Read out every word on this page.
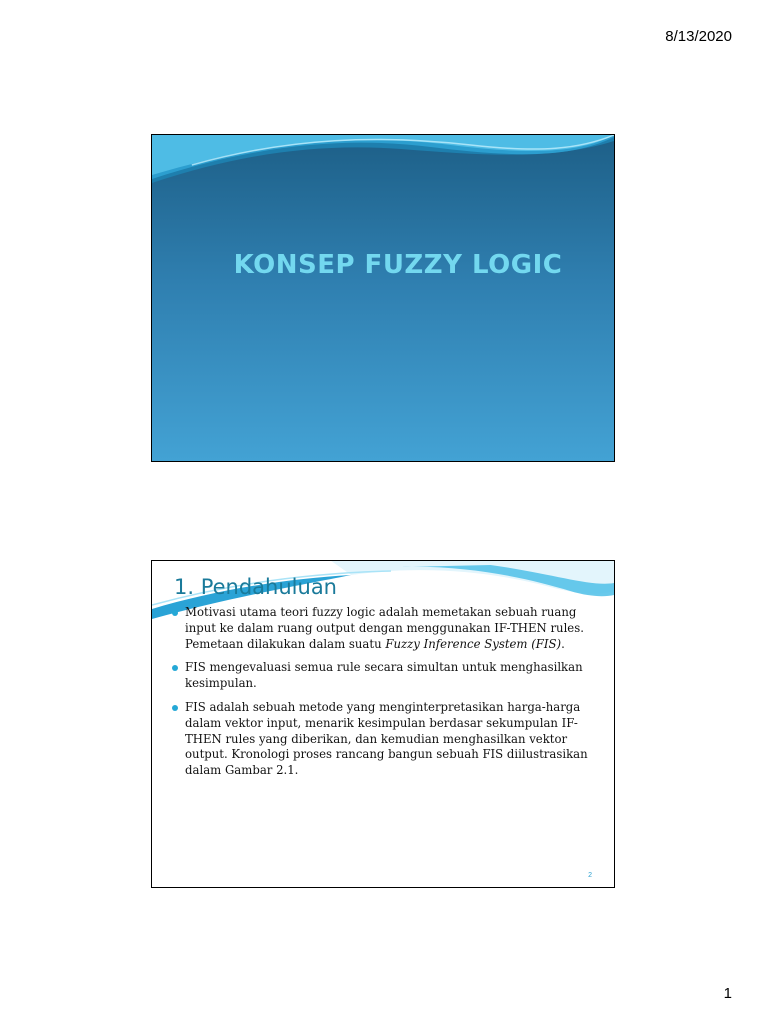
8/13/2020
KONSEP FUZZY LOGIC
1. Pendahuluan
Motivasi utama teori fuzzy logic adalah memetakan sebuah ruang input ke dalam ruang output dengan menggunakan IF-THEN rules. Pemetaan dilakukan dalam suatu Fuzzy Inference System (FIS).
FIS mengevaluasi semua rule secara simultan untuk menghasilkan kesimpulan.
FIS adalah sebuah metode yang menginterpretasikan harga-harga dalam vektor input, menarik kesimpulan berdasar sekumpulan IF-THEN rules yang diberikan, dan kemudian menghasilkan vektor output. Kronologi proses rancang bangun sebuah FIS diilustrasikan dalam Gambar 2.1.
2
1
